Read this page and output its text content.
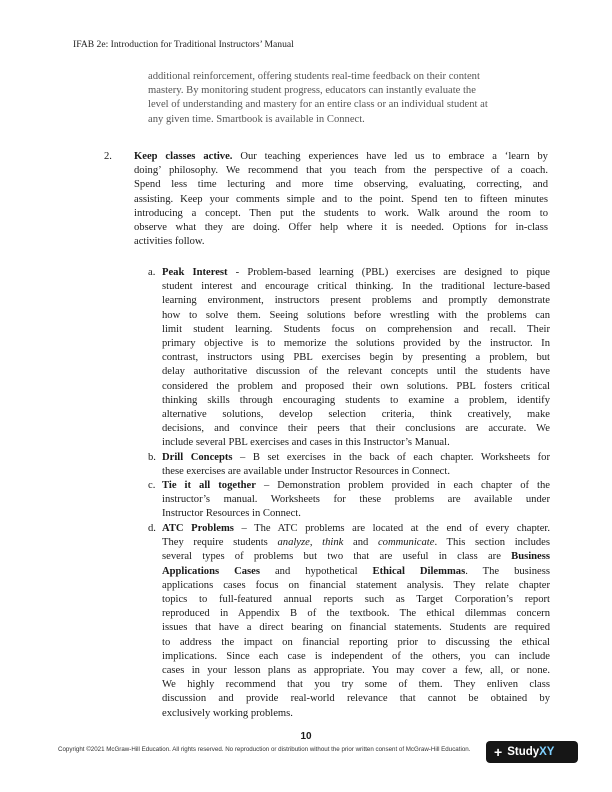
IFAB 2e: Introduction for Traditional Instructors’ Manual
additional reinforcement, offering students real-time feedback on their content
mastery. By monitoring student progress, educators can instantly evaluate the
level of understanding and mastery for an entire class or an individual student at
any given time. Smartbook is available in Connect.
2. Keep classes active. Our teaching experiences have led us to embrace a ‘learn by
doing’ philosophy. We recommend that you teach from the perspective of a coach.
Spend less time lecturing and more time observing, evaluating, correcting, and
assisting. Keep your comments simple and to the point. Spend ten to fifteen minutes
introducing a concept. Then put the students to work. Walk around the room to
observe what they are doing. Offer help where it is needed. Options for in-class
activities follow.
a. Peak Interest - Problem-based learning (PBL) exercises are designed to pique
student interest and encourage critical thinking. In the traditional lecture-based
learning environment, instructors present problems and promptly demonstrate
how to solve them. Seeing solutions before wrestling with the problems can
limit student learning. Students focus on comprehension and recall. Their
primary objective is to memorize the solutions provided by the instructor. In
contrast, instructors using PBL exercises begin by presenting a problem, but
delay authoritative discussion of the relevant concepts until the students have
considered the problem and proposed their own solutions. PBL fosters critical
thinking skills through encouraging students to examine a problem, identify
alternative solutions, develop selection criteria, think creatively, make
decisions, and convince their peers that their conclusions are accurate. We
include several PBL exercises and cases in this Instructor’s Manual.
b. Drill Concepts – B set exercises in the back of each chapter. Worksheets for
these exercises are available under Instructor Resources in Connect.
c. Tie it all together – Demonstration problem provided in each chapter of the
instructor’s manual. Worksheets for these problems are available under
Instructor Resources in Connect.
d. ATC Problems – The ATC problems are located at the end of every chapter.
They require students analyze, think and communicate. This section includes
several types of problems but two that are useful in class are Business
Applications Cases and hypothetical Ethical Dilemmas. The business
applications cases focus on financial statement analysis. They relate chapter
topics to full-featured annual reports such as Target Corporation’s report
reproduced in Appendix B of the textbook. The ethical dilemmas concern
issues that have a direct bearing on financial statements. Students are required
to address the impact on financial reporting prior to discussing the ethical
implications. Since each case is independent of the others, you can include
cases in your lesson plans as appropriate. You may cover a few, all, or none.
We highly recommend that you try some of them. They enliven class
discussion and provide real-world relevance that cannot be obtained by
exclusively working problems.
10
Copyright ©2021 McGraw-Hill Education. All rights reserved. No reproduction or distribution without the prior written consent of McGraw-Hill Education.	+ StudyXY
